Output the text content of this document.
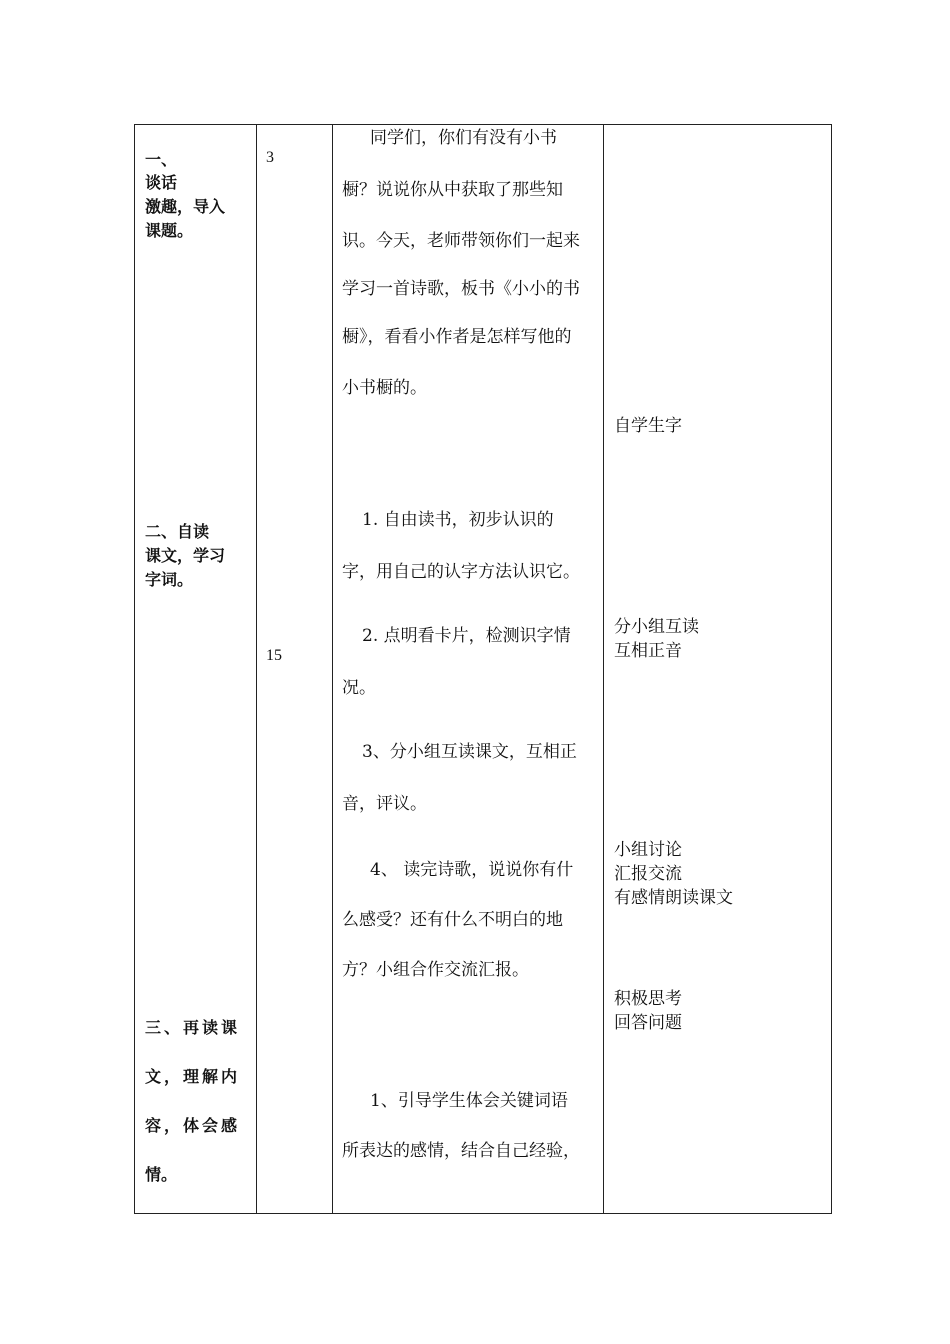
一、
谈话
激趣，导入
课题。
二、自读
课文，学习
字词。
三、再读课
文，理解内
容，体会感
情。
3
15
同学们，你们有没有小书
橱？说说你从中获取了那些知
识。今天，老师带领你们一起来
学习一首诗歌，板书《小小的书
橱》，看看小作者是怎样写他的
小书橱的。
1. 自由读书，初步认识的
字，用自己的认字方法认识它。
2. 点明看卡片，检测识字情
况。
3、分小组互读课文，互相正
音，评议。
4、 读完诗歌，说说你有什
么感受？还有什么不明白的地
方？小组合作交流汇报。
1、引导学生体会关键词语
所表达的感情，结合自己经验，
自学生字
分小组互读
互相正音
小组讨论
汇报交流
有感情朗读课文
积极思考
回答问题
